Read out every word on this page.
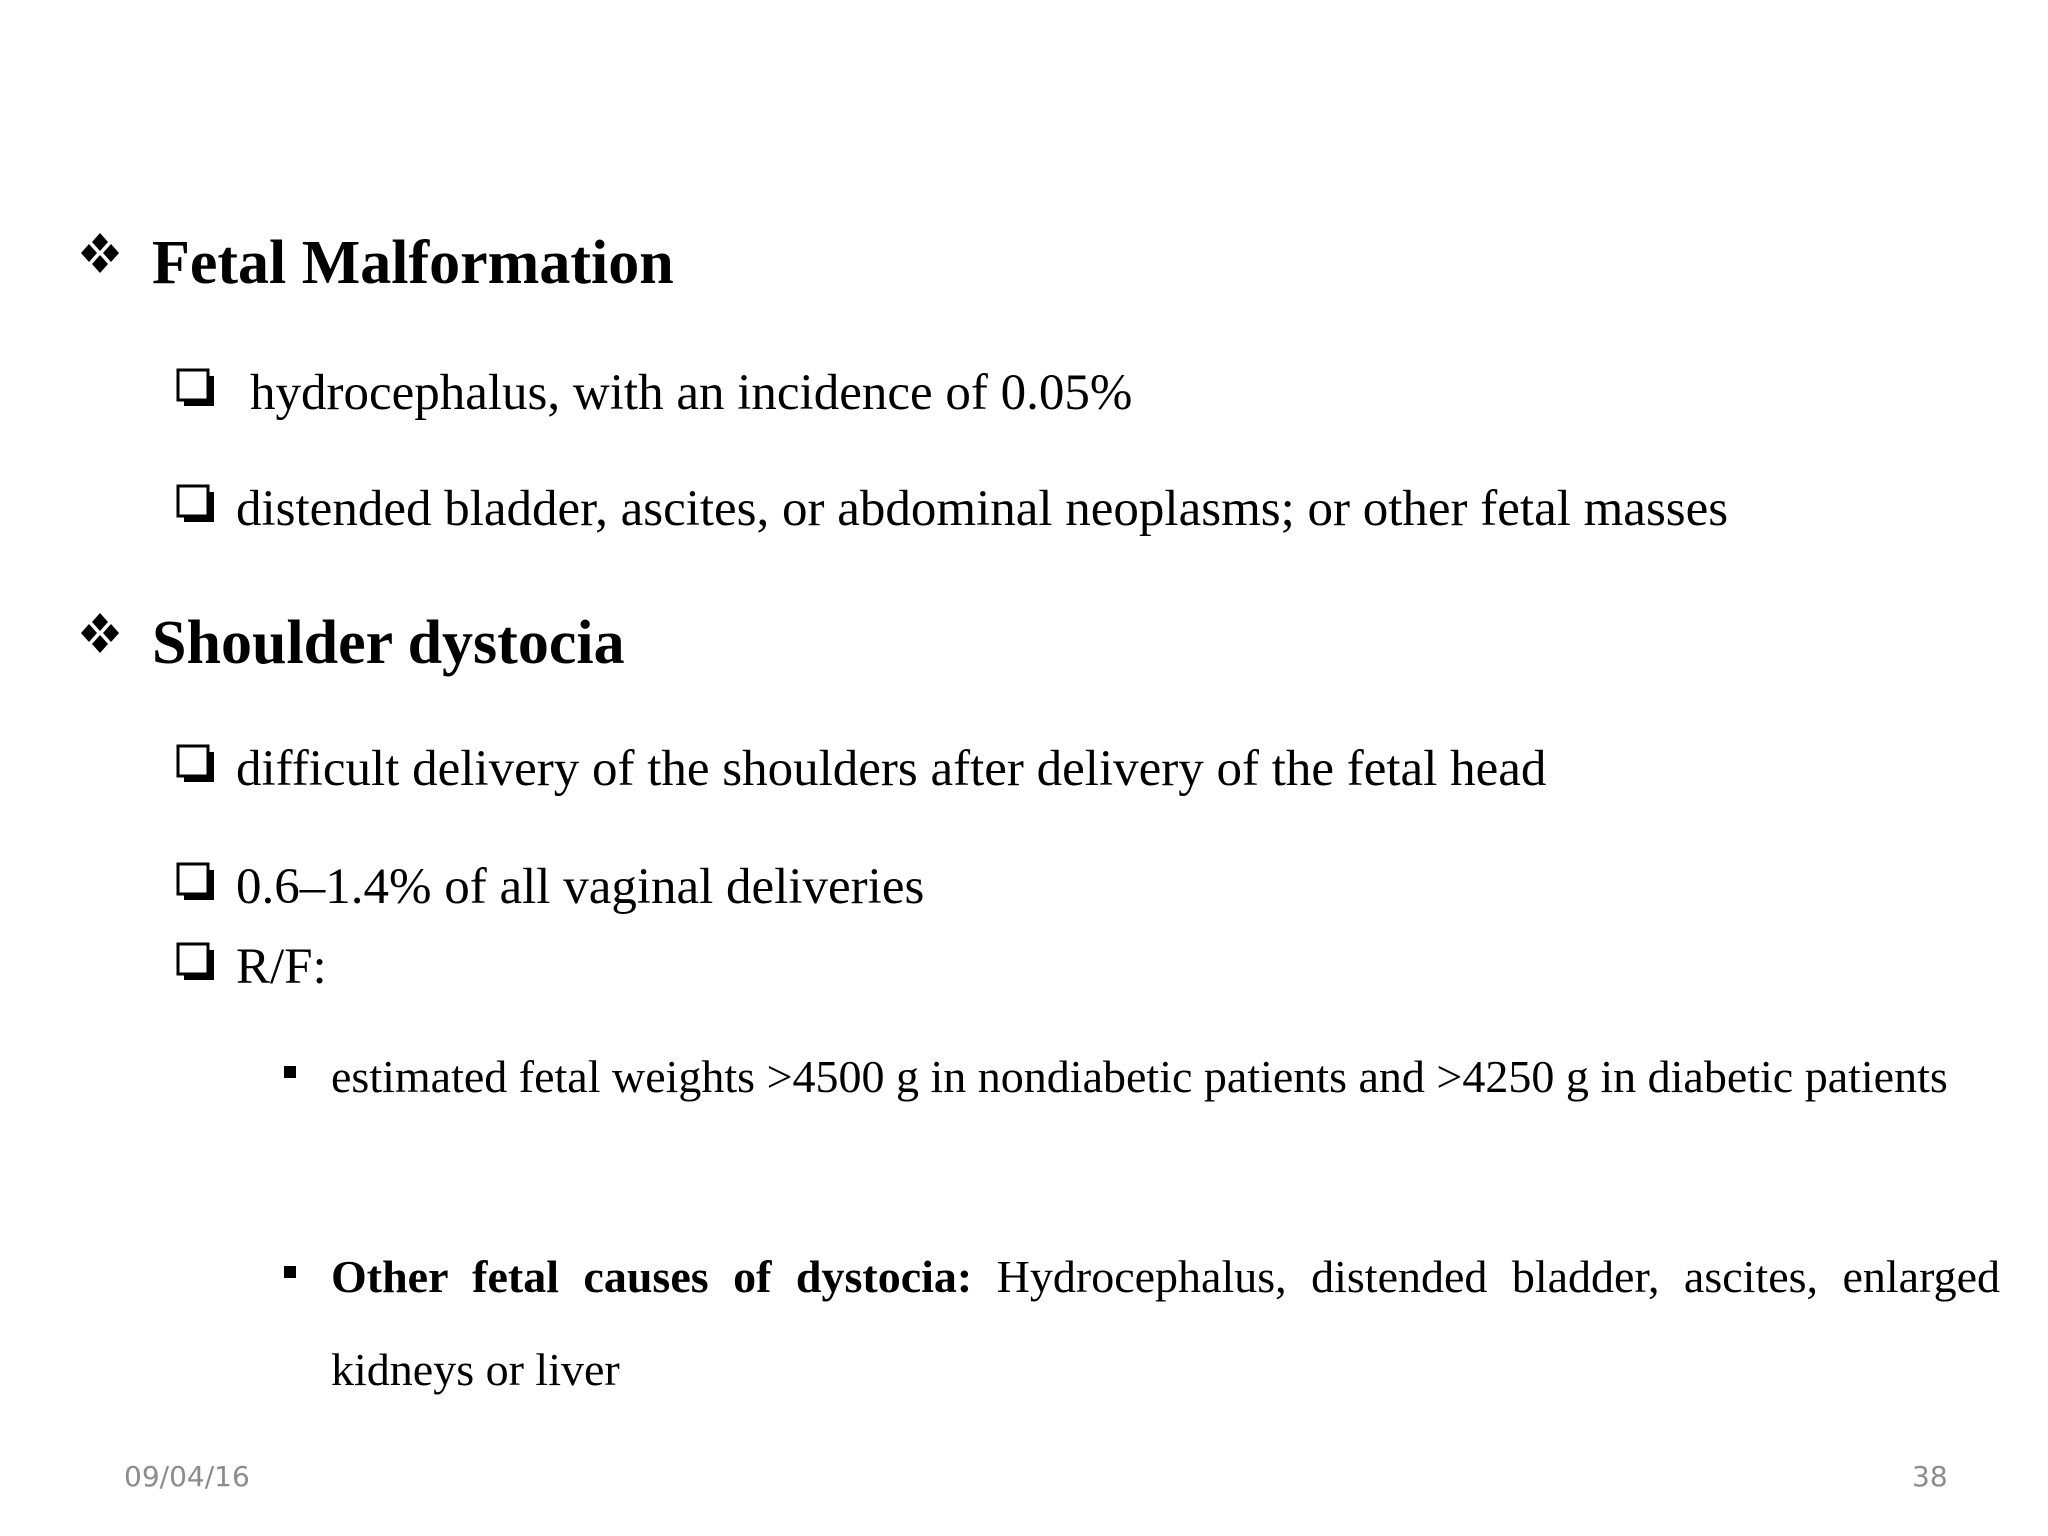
Fetal Malformation
hydrocephalus, with an incidence of 0.05%
distended bladder, ascites, or abdominal neoplasms; or other fetal masses
Shoulder dystocia
difficult delivery of the shoulders after delivery of the fetal head
0.6–1.4% of all vaginal deliveries
R/F:
estimated fetal weights >4500 g in nondiabetic patients and >4250 g in diabetic patients
Other fetal causes of dystocia: Hydrocephalus, distended bladder, ascites, enlarged kidneys or liver
09/04/16	38
